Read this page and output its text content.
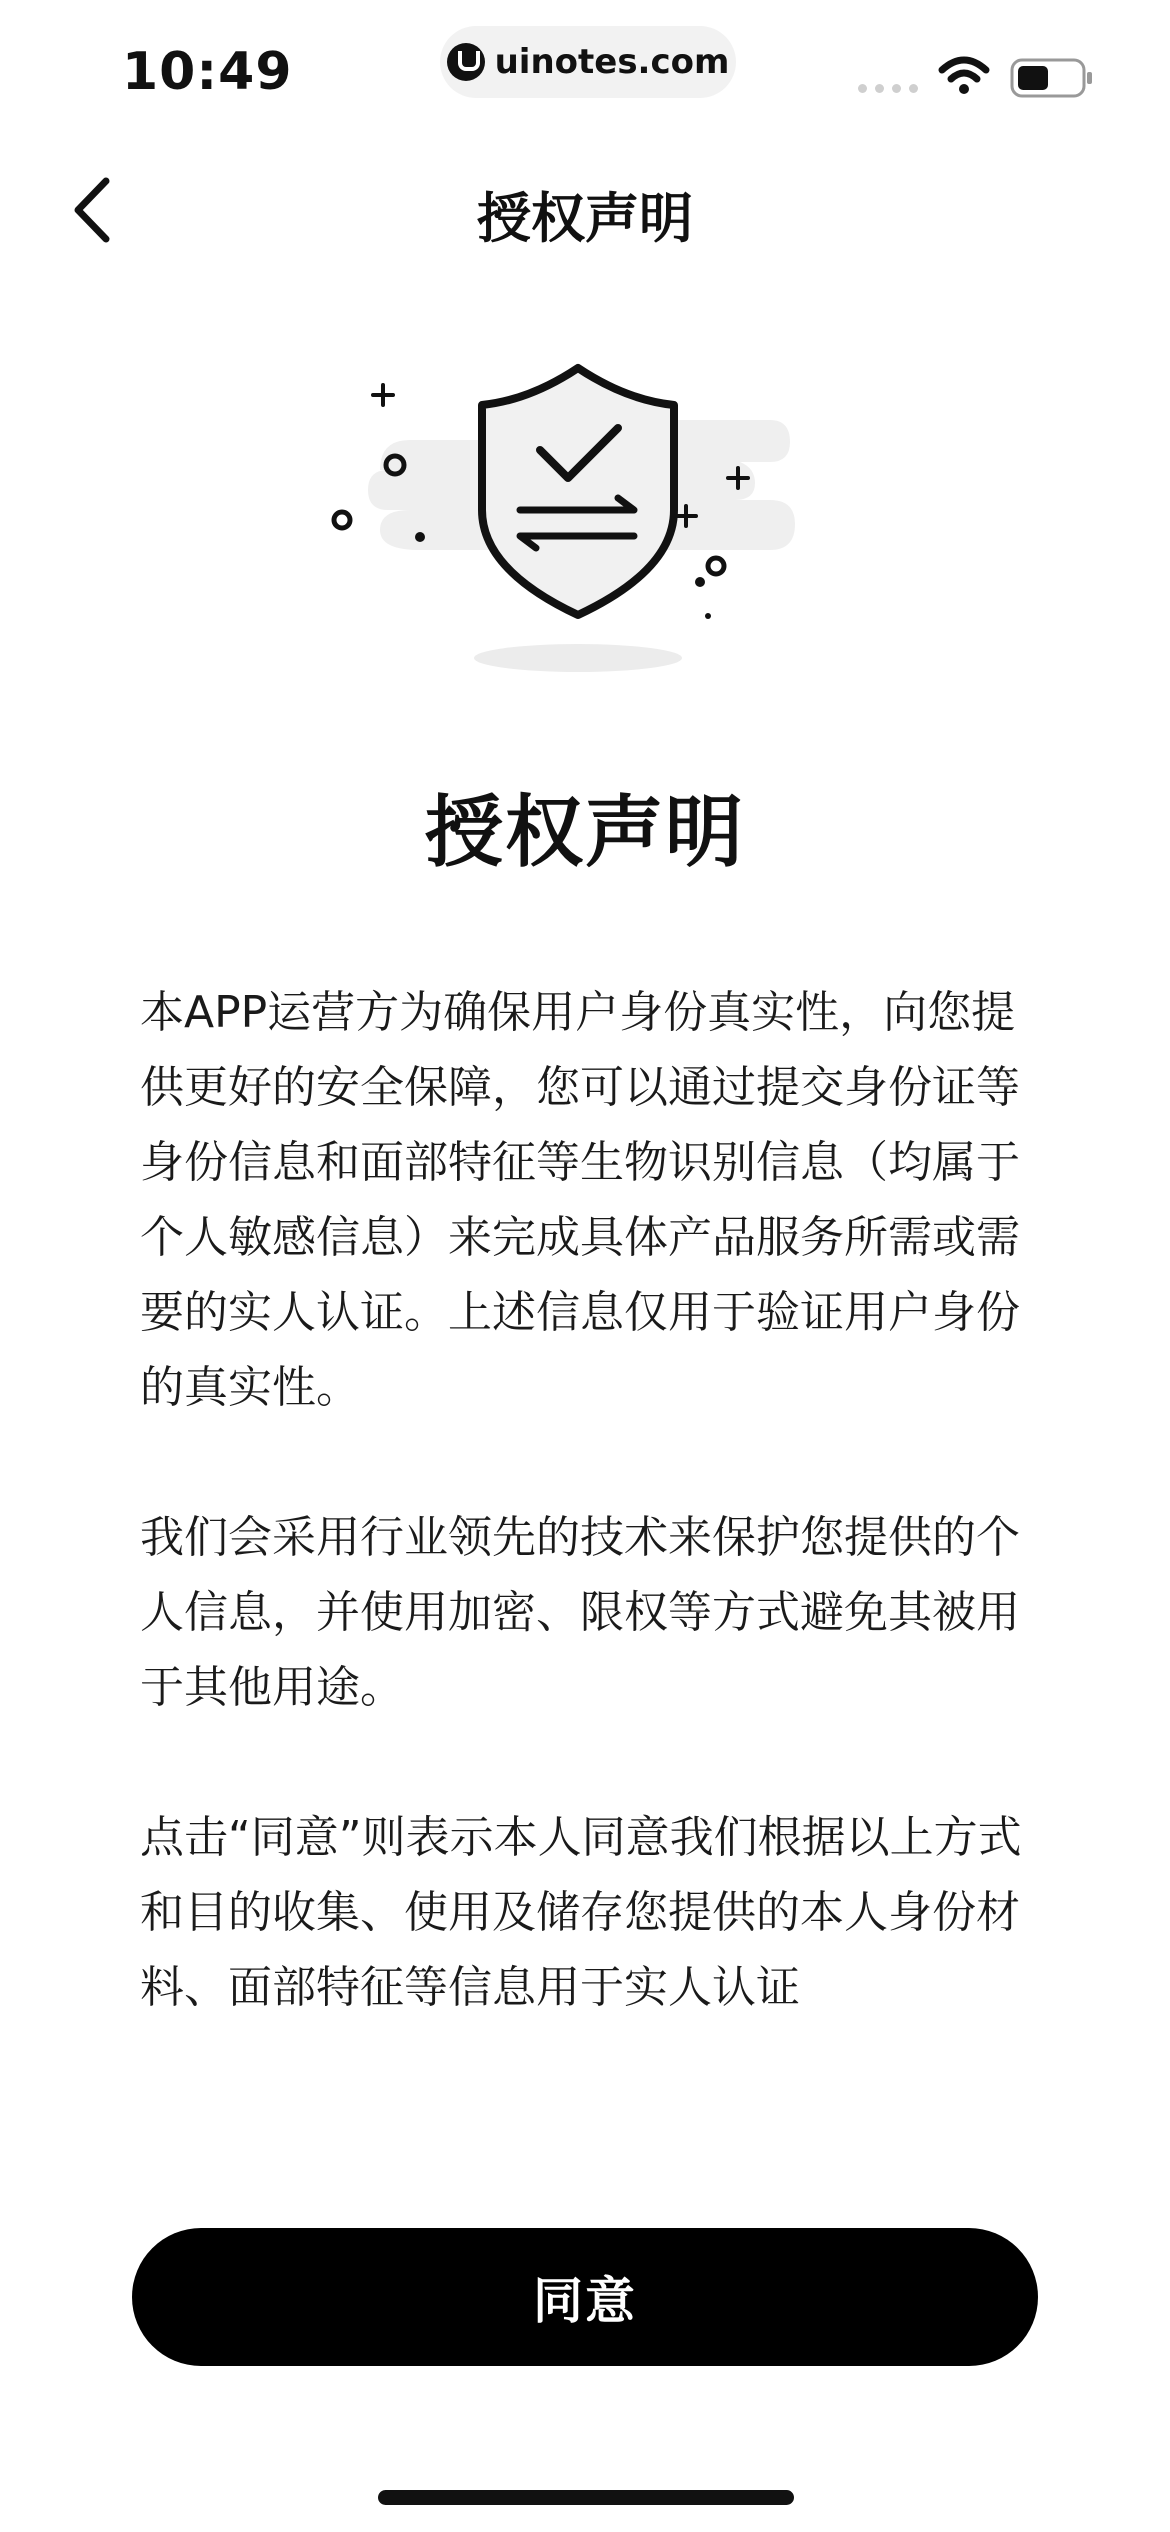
10:49	uinotes.com
授权声明
授权声明

本APP运营方为确保用户身份真实性，向您提供更好的安全保障，您可以通过提交身份证等身份信息和面部特征等生物识别信息（均属于个人敏感信息）来完成具体产品服务所需或需要的实人认证。上述信息仅用于验证用户身份的真实性。

我们会采用行业领先的技术来保护您提供的个人信息，并使用加密、限权等方式避免其被用于其他用途。

点击“同意”则表示本人同意我们根据以上方式和目的收集、使用及储存您提供的本人身份材料、面部特征等信息用于实人认证

同意
